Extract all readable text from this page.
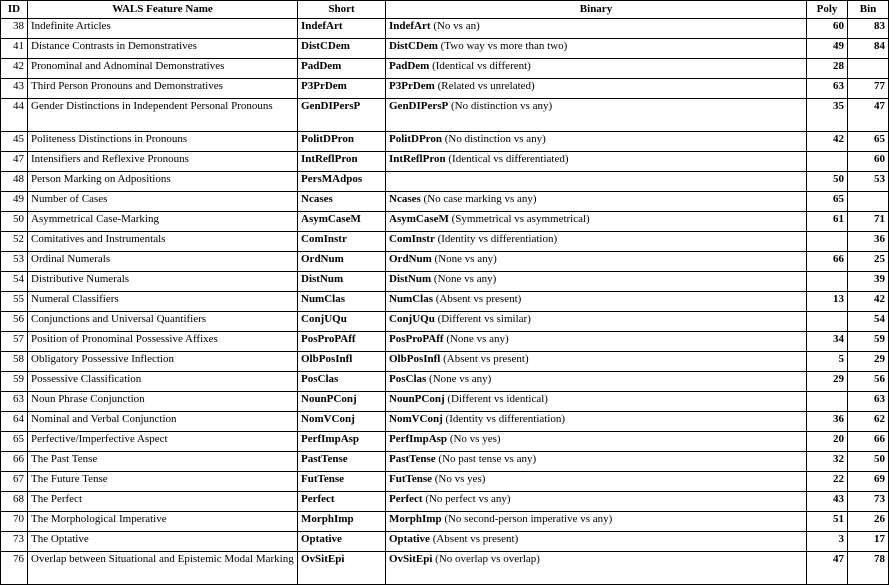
ID	WALS Feature Name	Short	Binary	Poly	Bin
38	Indefinite Articles	IndefArt	IndefArt (No vs an)	60	83
41	Distance Contrasts in Demonstratives	DistCDem	DistCDem (Two way vs more than two)	49	84
42	Pronominal and Adnominal Demonstratives	PadDem	PadDem (Identical vs different)	28	
43	Third Person Pronouns and Demonstratives	P3PrDem	P3PrDem (Related vs unrelated)	63	77
44	Gender Distinctions in Independent Personal Pronouns	GenDIPersP	GenDIPersP (No distinction vs any)	35	47
45	Politeness Distinctions in Pronouns	PolitDPron	PolitDPron (No distinction vs any)	42	65
47	Intensifiers and Reflexive Pronouns	IntReflPron	IntReflPron (Identical vs differentiated)		60
48	Person Marking on Adpositions	PersMAdpos		50	53
49	Number of Cases	Ncases	Ncases (No case marking vs any)	65	
50	Asymmetrical Case-Marking	AsymCaseM	AsymCaseM (Symmetrical vs asymmetrical)	61	71
52	Comitatives and Instrumentals	ComInstr	ComInstr (Identity vs differentiation)		36
53	Ordinal Numerals	OrdNum	OrdNum (None vs any)	66	25
54	Distributive Numerals	DistNum	DistNum (None vs any)		39
55	Numeral Classifiers	NumClas	NumClas (Absent vs present)	13	42
56	Conjunctions and Universal Quantifiers	ConjUQu	ConjUQu (Different vs similar)		54
57	Position of Pronominal Possessive Affixes	PosProPAff	PosProPAff (None vs any)	34	59
58	Obligatory Possessive Inflection	OlbPosInfl	OlbPosInfl (Absent vs present)	5	29
59	Possessive Classification	PosClas	PosClas (None vs any)	29	56
63	Noun Phrase Conjunction	NounPConj	NounPConj (Different vs identical)		63
64	Nominal and Verbal Conjunction	NomVConj	NomVConj (Identity vs differentiation)	36	62
65	Perfective/Imperfective Aspect	PerfImpAsp	PerfImpAsp (No vs yes)	20	66
66	The Past Tense	PastTense	PastTense (No past tense vs any)	32	50
67	The Future Tense	FutTense	FutTense (No vs yes)	22	69
68	The Perfect	Perfect	Perfect (No perfect vs any)	43	73
70	The Morphological Imperative	MorphImp	MorphImp (No second-person imperative vs any)	51	26
73	The Optative	Optative	Optative (Absent vs present)	3	17
76	Overlap between Situational and Epistemic Modal Marking	OvSitEpi	OvSitEpi (No overlap vs overlap)	47	78
